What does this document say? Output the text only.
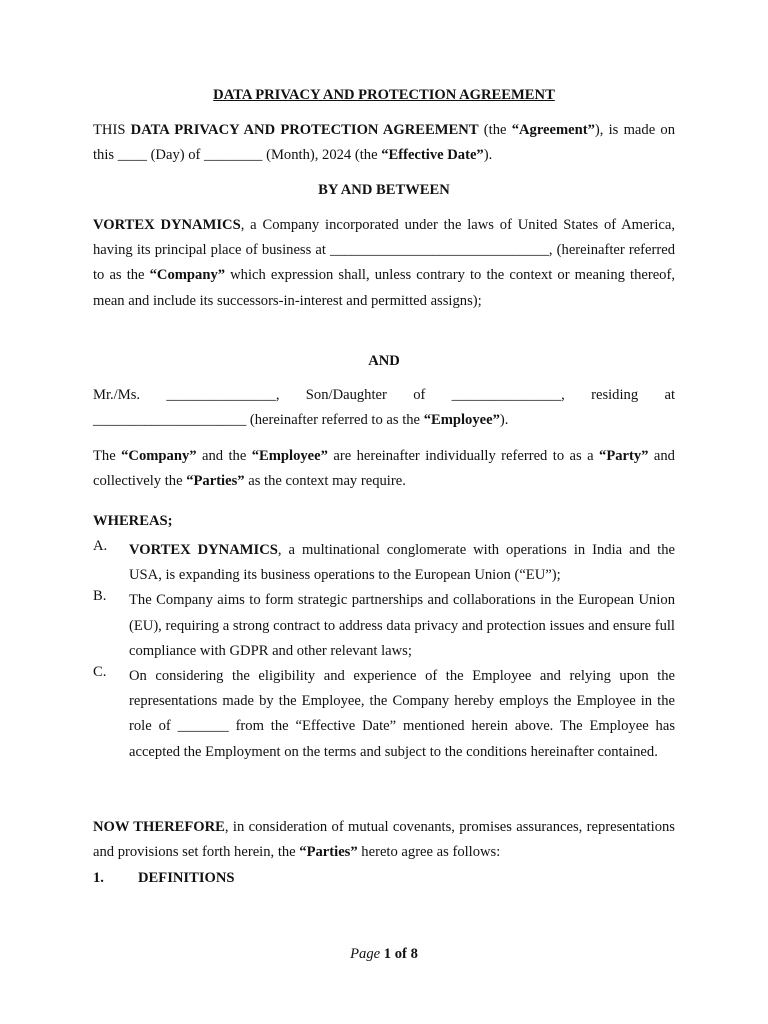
DATA PRIVACY AND PROTECTION AGREEMENT

THIS DATA PRIVACY AND PROTECTION AGREEMENT (the “Agreement”), is made on this ____ (Day) of ________ (Month), 2024 (the “Effective Date”).

BY AND BETWEEN

VORTEX DYNAMICS, a Company incorporated under the laws of United States of America, having its principal place of business at ______________________________, (hereinafter referred to as the “Company” which expression shall, unless contrary to the context or meaning thereof, mean and include its successors-in-interest and permitted assigns);

AND

Mr./Ms. _______________, Son/Daughter of _______________, residing at _____________________ (hereinafter referred to as the “Employee”).

The “Company” and the “Employee” are hereinafter individually referred to as a “Party” and collectively the “Parties” as the context may require.

WHEREAS;

A.	VORTEX DYNAMICS, a multinational conglomerate with operations in India and the USA, is expanding its business operations to the European Union (“EU”);
B.	The Company aims to form strategic partnerships and collaborations in the European Union (EU), requiring a strong contract to address data privacy and protection issues and ensure full compliance with GDPR and other relevant laws;
C.	On considering the eligibility and experience of the Employee and relying upon the representations made by the Employee, the Company hereby employs the Employee in the role of _______ from the “Effective Date” mentioned herein above. The Employee has accepted the Employment on the terms and subject to the conditions hereinafter contained.

NOW THEREFORE, in consideration of mutual covenants, promises assurances, representations and provisions set forth herein, the “Parties” hereto agree as follows:

1.	DEFINITIONS
Page 1 of 8
